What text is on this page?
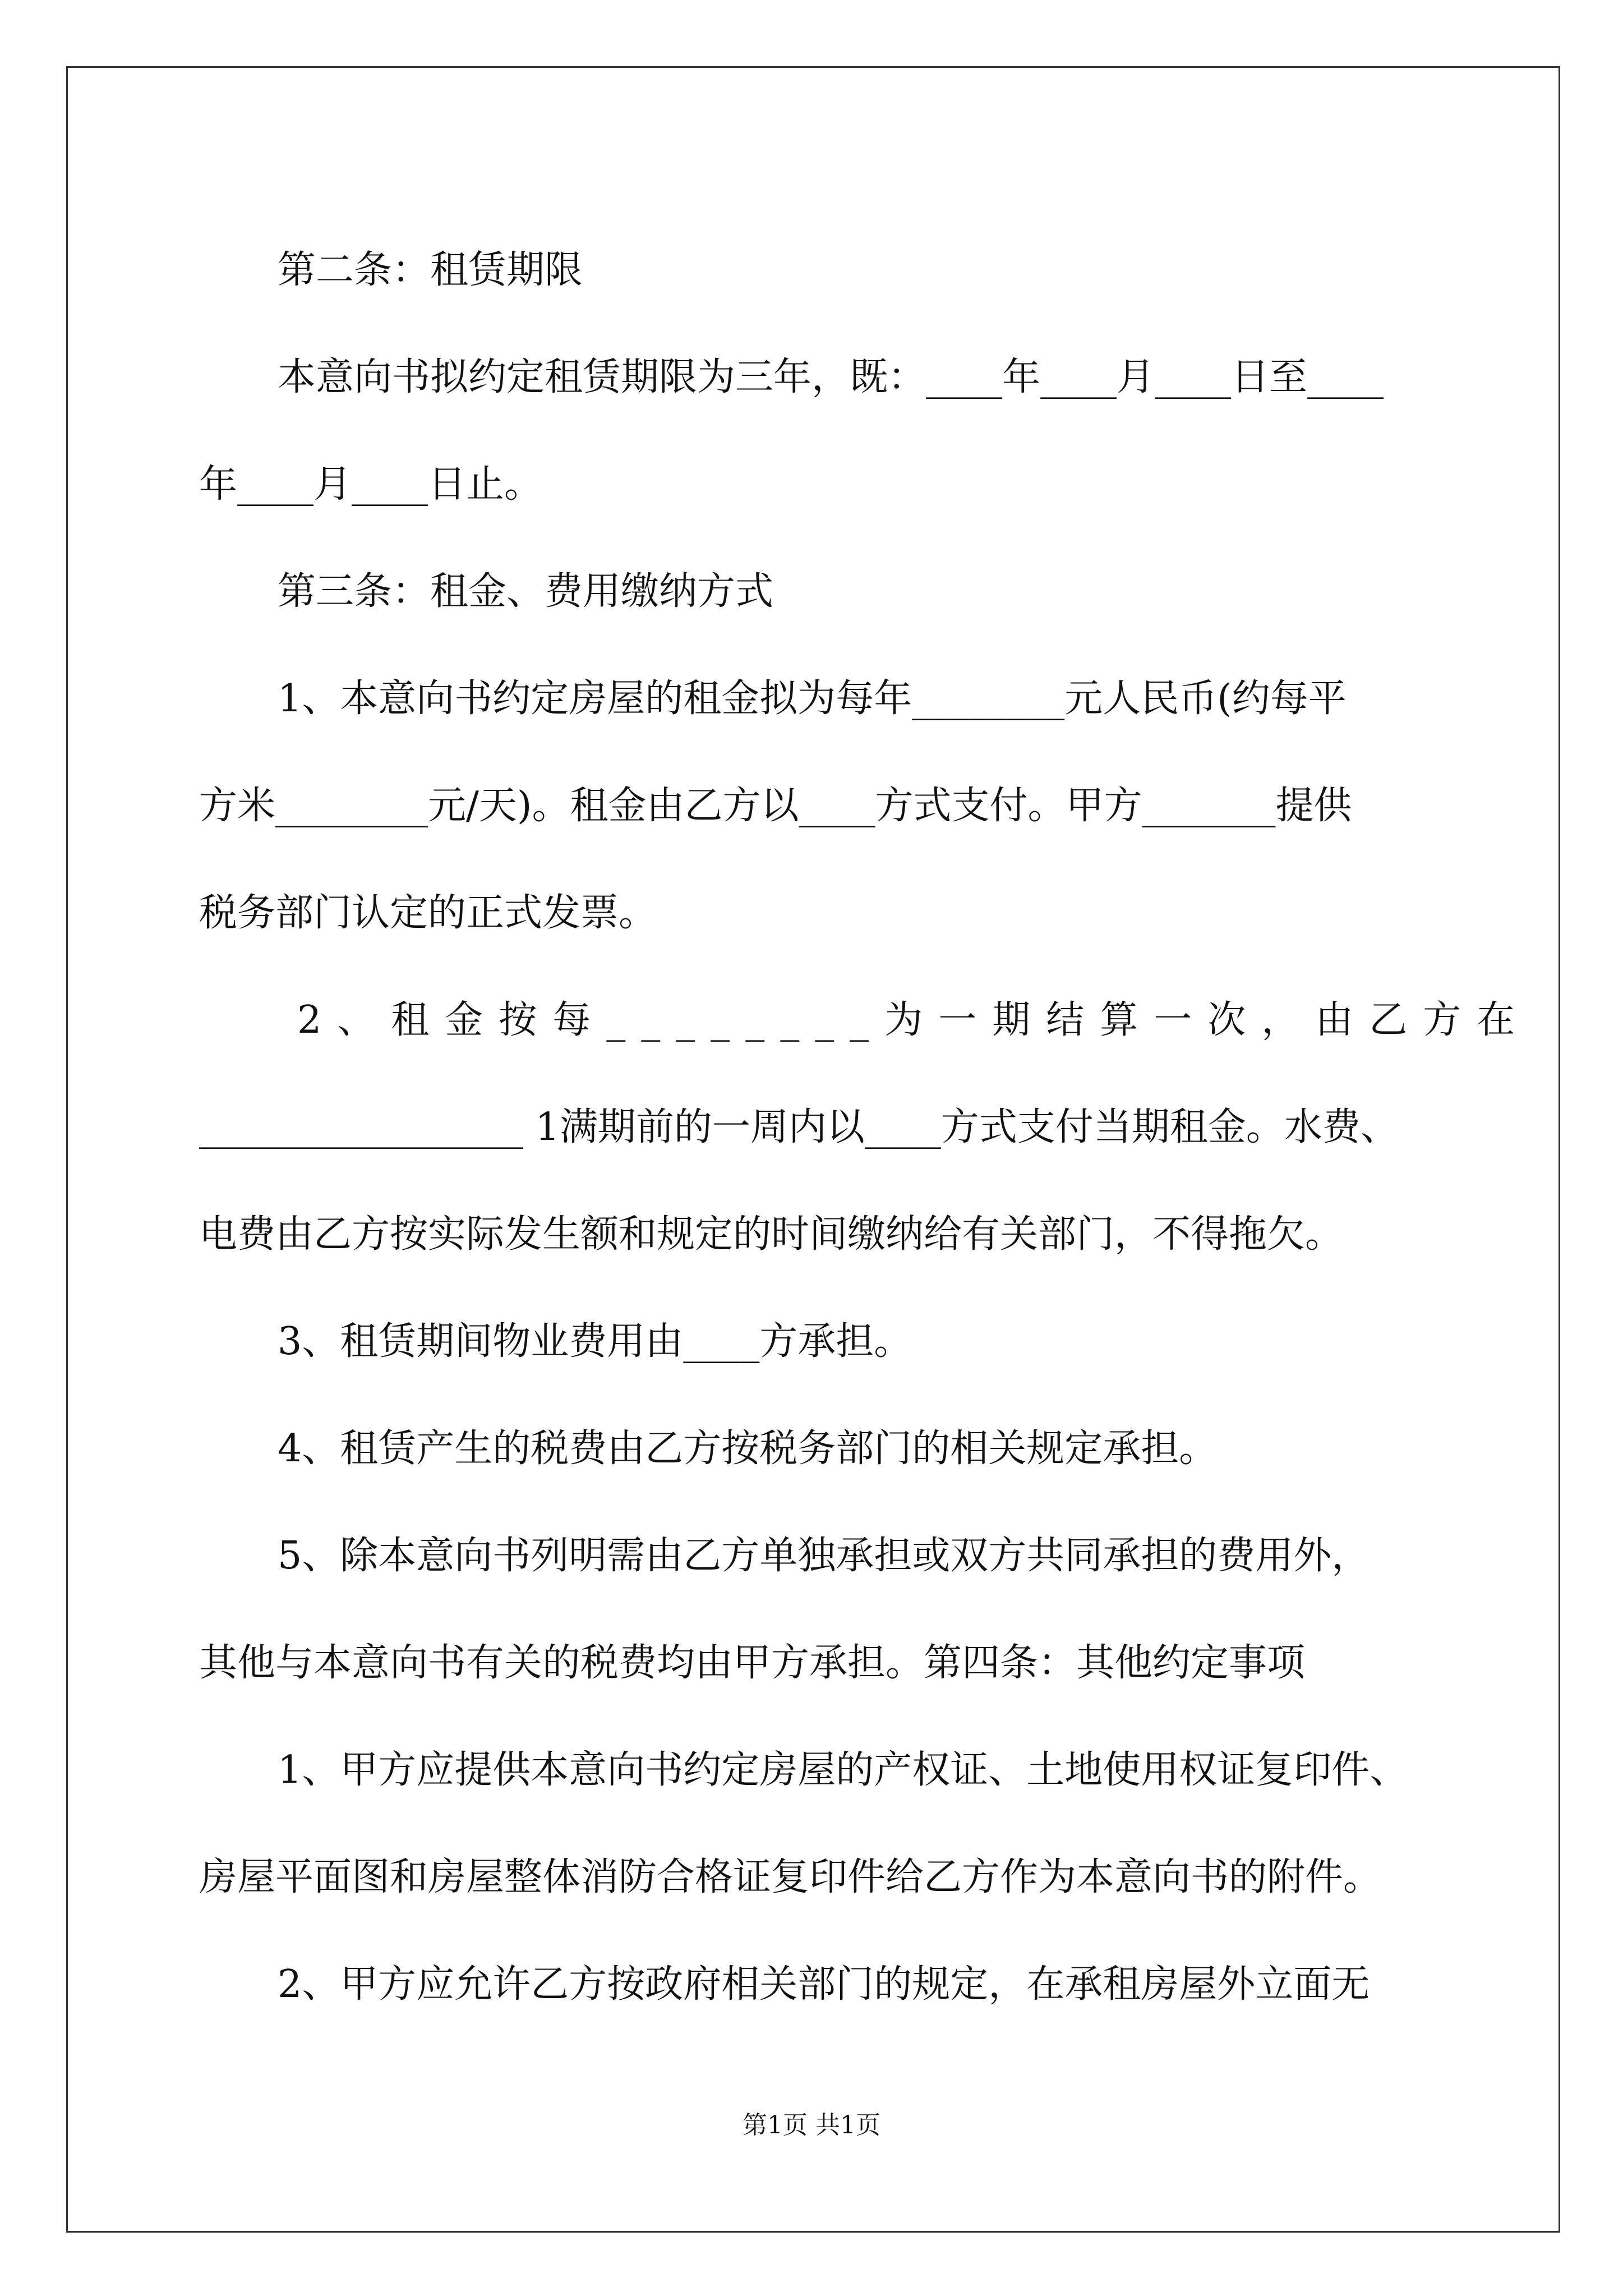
第二条：租赁期限
本意向书拟约定租赁期限为三年，既：____年____月____日至____
年____月____日止。
第三条：租金、费用缴纳方式
1、本意向书约定房屋的租金拟为每年________元人民币(约每平
方米________元/天)。租金由乙方以____方式支付。甲方_______提供
税务部门认定的正式发票。
2、租金按每________为一期结算一次，由乙方在
_________________ 1满期前的一周内以____方式支付当期租金。水费、
电费由乙方按实际发生额和规定的时间缴纳给有关部门，不得拖欠。
3、租赁期间物业费用由____方承担。
4、租赁产生的税费由乙方按税务部门的相关规定承担。
5、除本意向书列明需由乙方单独承担或双方共同承担的费用外，
其他与本意向书有关的税费均由甲方承担。第四条：其他约定事项
1、甲方应提供本意向书约定房屋的产权证、土地使用权证复印件、
房屋平面图和房屋整体消防合格证复印件给乙方作为本意向书的附件。
2、甲方应允许乙方按政府相关部门的规定，在承租房屋外立面无
第1页 共1页
